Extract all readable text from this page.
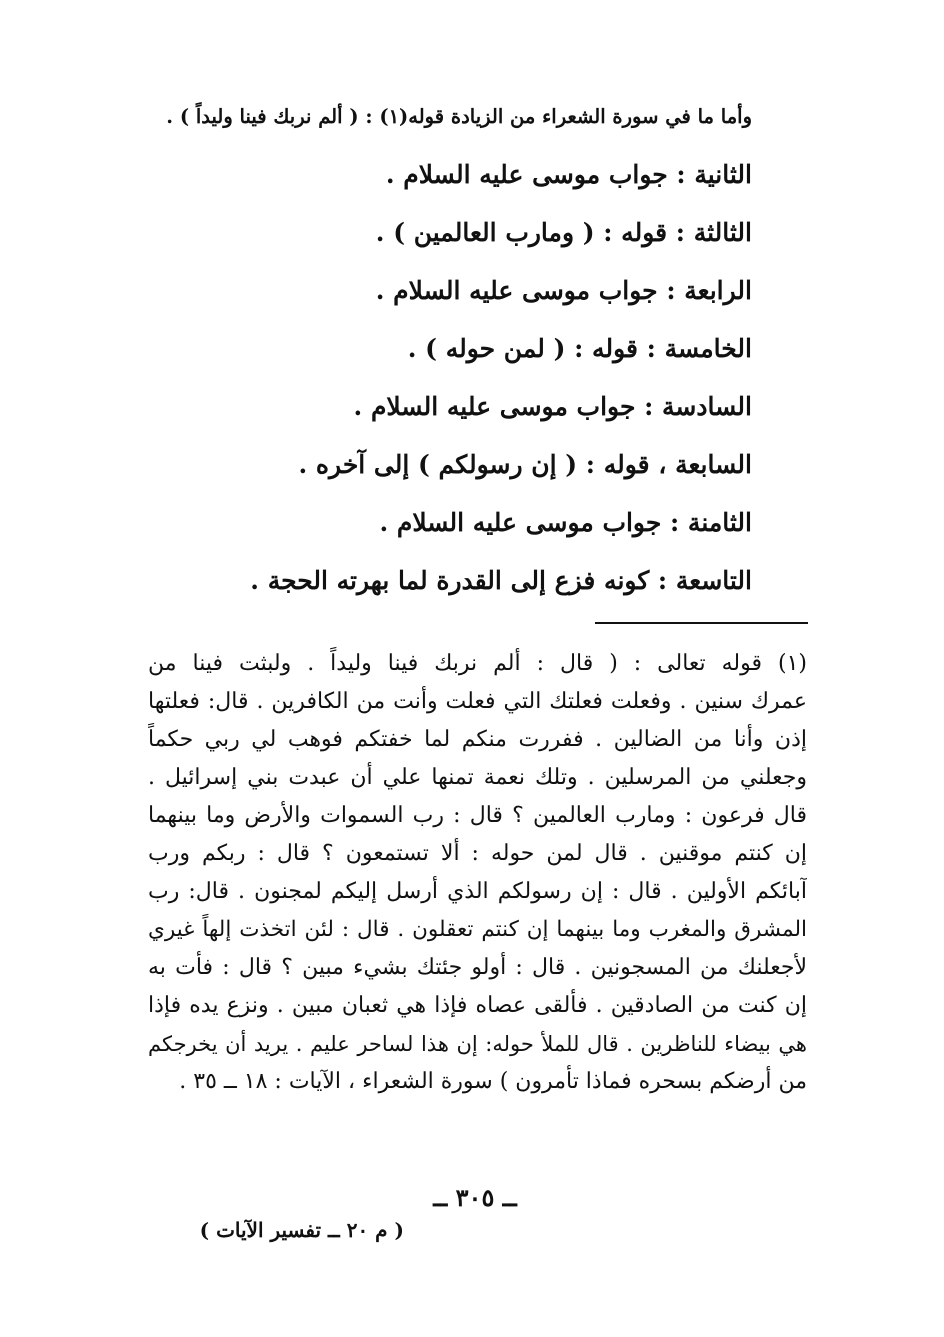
وأما ما في سورة الشعراء من الزيادة قوله(١) : ( ألم نربك فينا وليداً ) .
الثانية : جواب موسى عليه السلام .
الثالثة : قوله : ( ومارب العالمين ) .
الرابعة : جواب موسى عليه السلام .
الخامسة : قوله : ( لمن حوله ) .
السادسة : جواب موسى عليه السلام .
السابعة ، قوله : ( إن رسولكم ) إلى آخره .
الثامنة : جواب موسى عليه السلام .
التاسعة : كونه فزع إلى القدرة لما بهرته الحجة .
(١) قوله تعالى : ( قال : ألم نربك فينا وليداً . ولبثت فينا من
عمرك سنين . وفعلت فعلتك التي فعلت وأنت من الكافرين . قال: فعلتها
إذن وأنا من الضالين . ففررت منكم لما خفتكم فوهب لي ربي حكماً
وجعلني من المرسلين . وتلك نعمة تمنها علي أن عبدت بني إسرائيل .
قال فرعون : ومارب العالمين ؟ قال : رب السموات والأرض وما بينهما
إن كنتم موقنين . قال لمن حوله : ألا تستمعون ؟ قال : ربكم ورب
آبائكم الأولين . قال : إن رسولكم الذي أرسل إليكم لمجنون . قال: رب
المشرق والمغرب وما بينهما إن كنتم تعقلون . قال : لئن اتخذت إلهاً غيري
لأجعلنك من المسجونين . قال : أولو جئتك بشيء مبين ؟ قال : فأت به
إن كنت من الصادقين . فألقى عصاه فإذا هي ثعبان مبين . ونزع يده فإذا
هي بيضاء للناظرين . قال للملأ حوله: إن هذا لساحر عليم . يريد أن يخرجكم
من أرضكم بسحره فماذا تأمرون ) سورة الشعراء ، الآيات : ١٨ ــ ٣٥ .
ــ ٣٠٥ ــ
( م ٢٠ ــ تفسير الآيات )
